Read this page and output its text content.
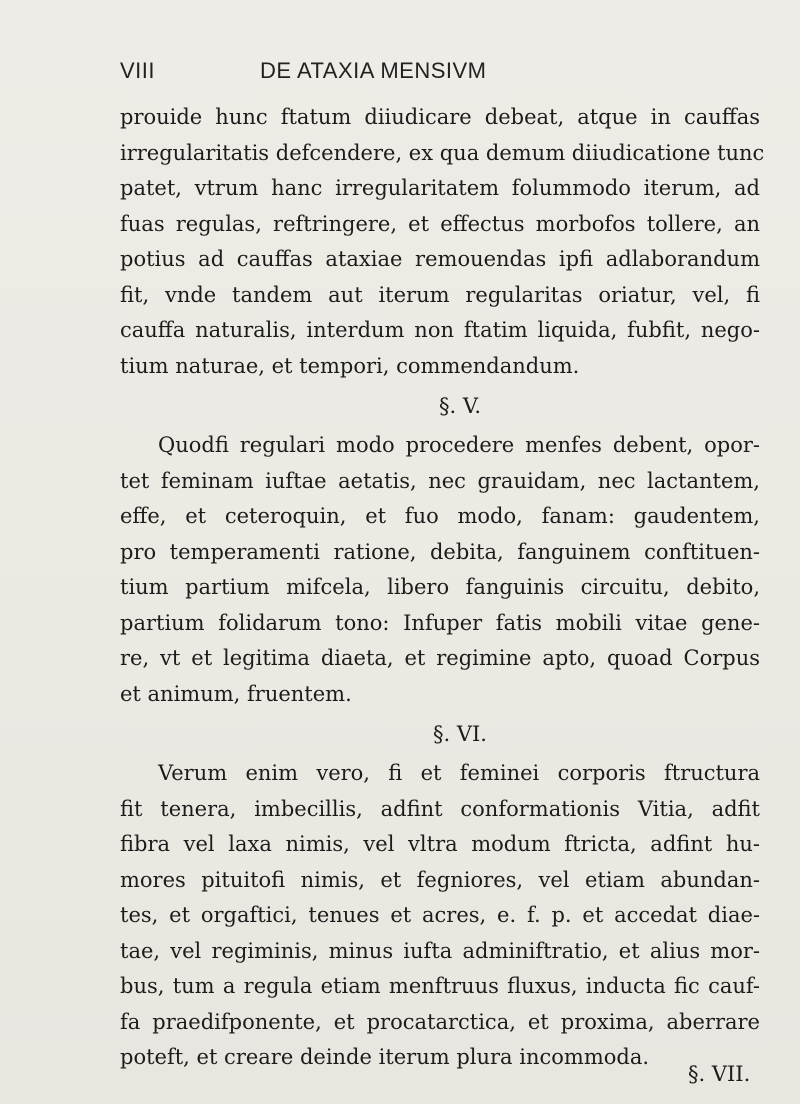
VIII	DE ATAXIA MENSIVM
prouide hunc ftatum diiudicare debeat, atque in cauffas
irregularitatis defcendere, ex qua demum diiudicatione tunc
patet, vtrum hanc irregularitatem folummodo iterum, ad
fuas regulas, reftringere, et effectus morbofos tollere, an
potius ad cauffas ataxiae remouendas ipfi adlaborandum
fit, vnde tandem aut iterum regularitas oriatur, vel, fi
cauffa naturalis, interdum non ftatim liquida, fubfit, nego-
tium naturae, et tempori, commendandum.
§. V.
Quodfi regulari modo procedere menfes debent, opor-
tet feminam iuftae aetatis, nec grauidam, nec lactantem,
effe, et ceteroquin, et fuo modo, fanam: gaudentem,
pro temperamenti ratione, debita, fanguinem conftituen-
tium partium mifcela, libero fanguinis circuitu, debito,
partium folidarum tono: Infuper fatis mobili vitae gene-
re, vt et legitima diaeta, et regimine apto, quoad Corpus
et animum, fruentem.
§. VI.
Verum enim vero, fi et feminei corporis ftructura
fit tenera, imbecillis, adfint conformationis Vitia, adfit
fibra vel laxa nimis, vel vltra modum ftricta, adfint hu-
mores pituitofi nimis, et fegniores, vel etiam abundan-
tes, et orgaftici, tenues et acres, e. f. p. et accedat diae-
tae, vel regiminis, minus iufta adminiftratio, et alius mor-
bus, tum a regula etiam menftruus fluxus, inducta fic cauf-
fa praedifponente, et procatarctica, et proxima, aberrare
poteft, et creare deinde iterum plura incommoda.
§. VII.
